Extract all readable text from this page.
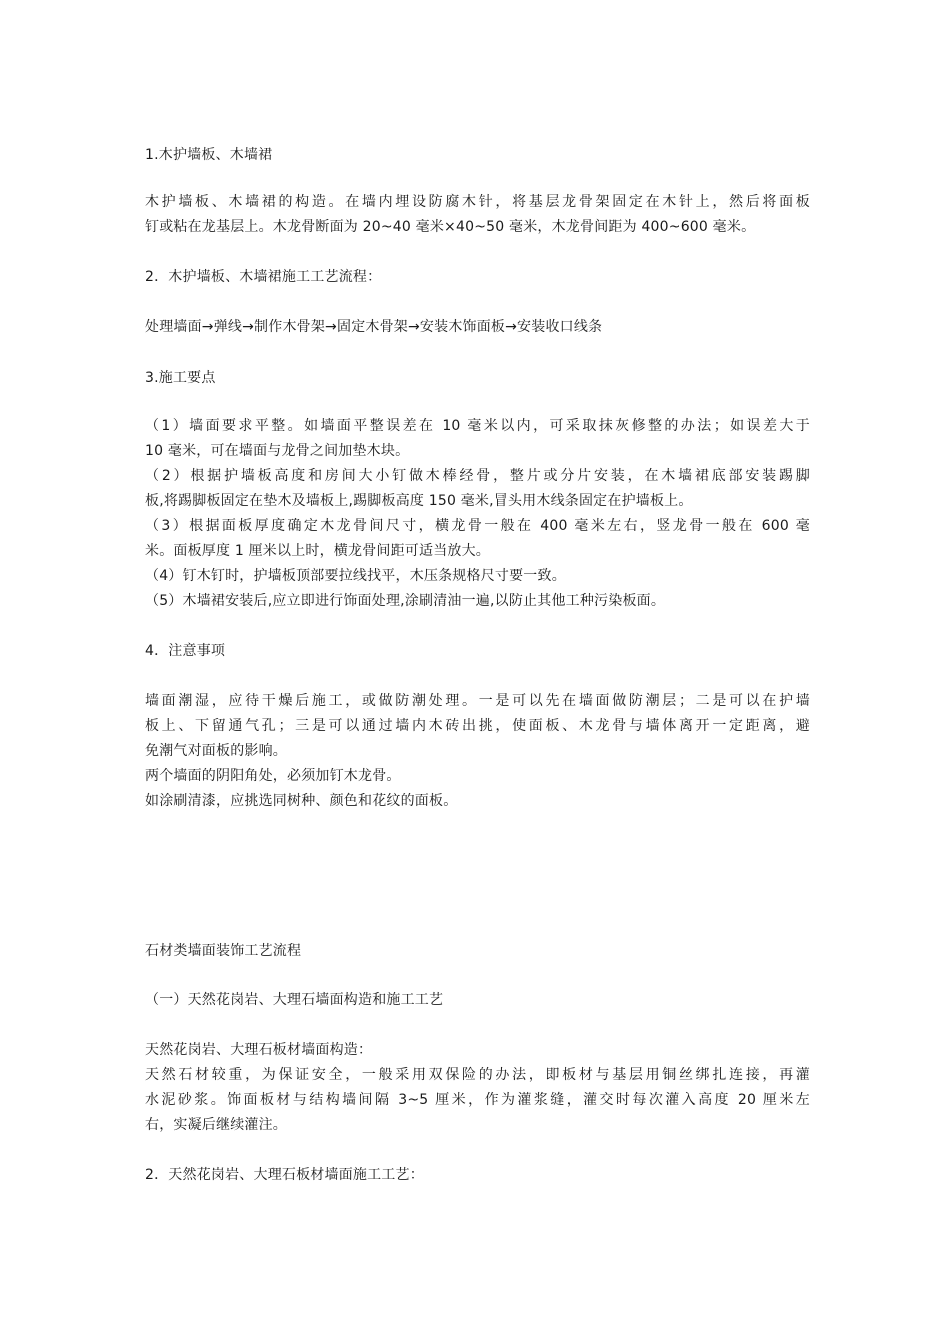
1.木护墙板、木墙裙
木护墙板、木墙裙的构造。在墙内埋设防腐木针，将基层龙骨架固定在木针上，然后将面板
钉或粘在龙基层上。木龙骨断面为 20~40 毫米×40~50 毫米，木龙骨间距为 400~600 毫米。
2．木护墙板、木墙裙施工工艺流程：
处理墙面→弹线→制作木骨架→固定木骨架→安装木饰面板→安装收口线条
3.施工要点
（1）墙面要求平整。如墙面平整误差在 10 毫米以内，可采取抹灰修整的办法；如误差大于
10 毫米，可在墙面与龙骨之间加垫木块。
（2）根据护墙板高度和房间大小钉做木棒经骨，整片或分片安装，在木墙裙底部安装踢脚
板,将踢脚板固定在垫木及墙板上,踢脚板高度 150 毫米,冒头用木线条固定在护墙板上。
（3）根据面板厚度确定木龙骨间尺寸，横龙骨一般在 400 毫米左右，竖龙骨一般在 600 毫
米。面板厚度 1 厘米以上时，横龙骨间距可适当放大。
（4）钉木钉时，护墙板顶部要拉线找平，木压条规格尺寸要一致。
（5）木墙裙安装后,应立即进行饰面处理,涂刷清油一遍,以防止其他工种污染板面。
4．注意事项
墙面潮湿，应待干燥后施工，或做防潮处理。一是可以先在墙面做防潮层；二是可以在护墙
板上、下留通气孔；三是可以通过墙内木砖出挑，使面板、木龙骨与墙体离开一定距离，避
免潮气对面板的影响。
两个墙面的阴阳角处，必须加钉木龙骨。
如涂刷清漆，应挑选同树种、颜色和花纹的面板。
石材类墙面装饰工艺流程
（一）天然花岗岩、大理石墙面构造和施工工艺
天然花岗岩、大理石板材墙面构造：
天然石材较重，为保证安全，一般采用双保险的办法，即板材与基层用铜丝绑扎连接，再灌
水泥砂浆。饰面板材与结构墙间隔 3~5 厘米，作为灌浆缝，灌交时每次灌入高度 20 厘米左
右，实凝后继续灌注。
2．天然花岗岩、大理石板材墙面施工工艺：
